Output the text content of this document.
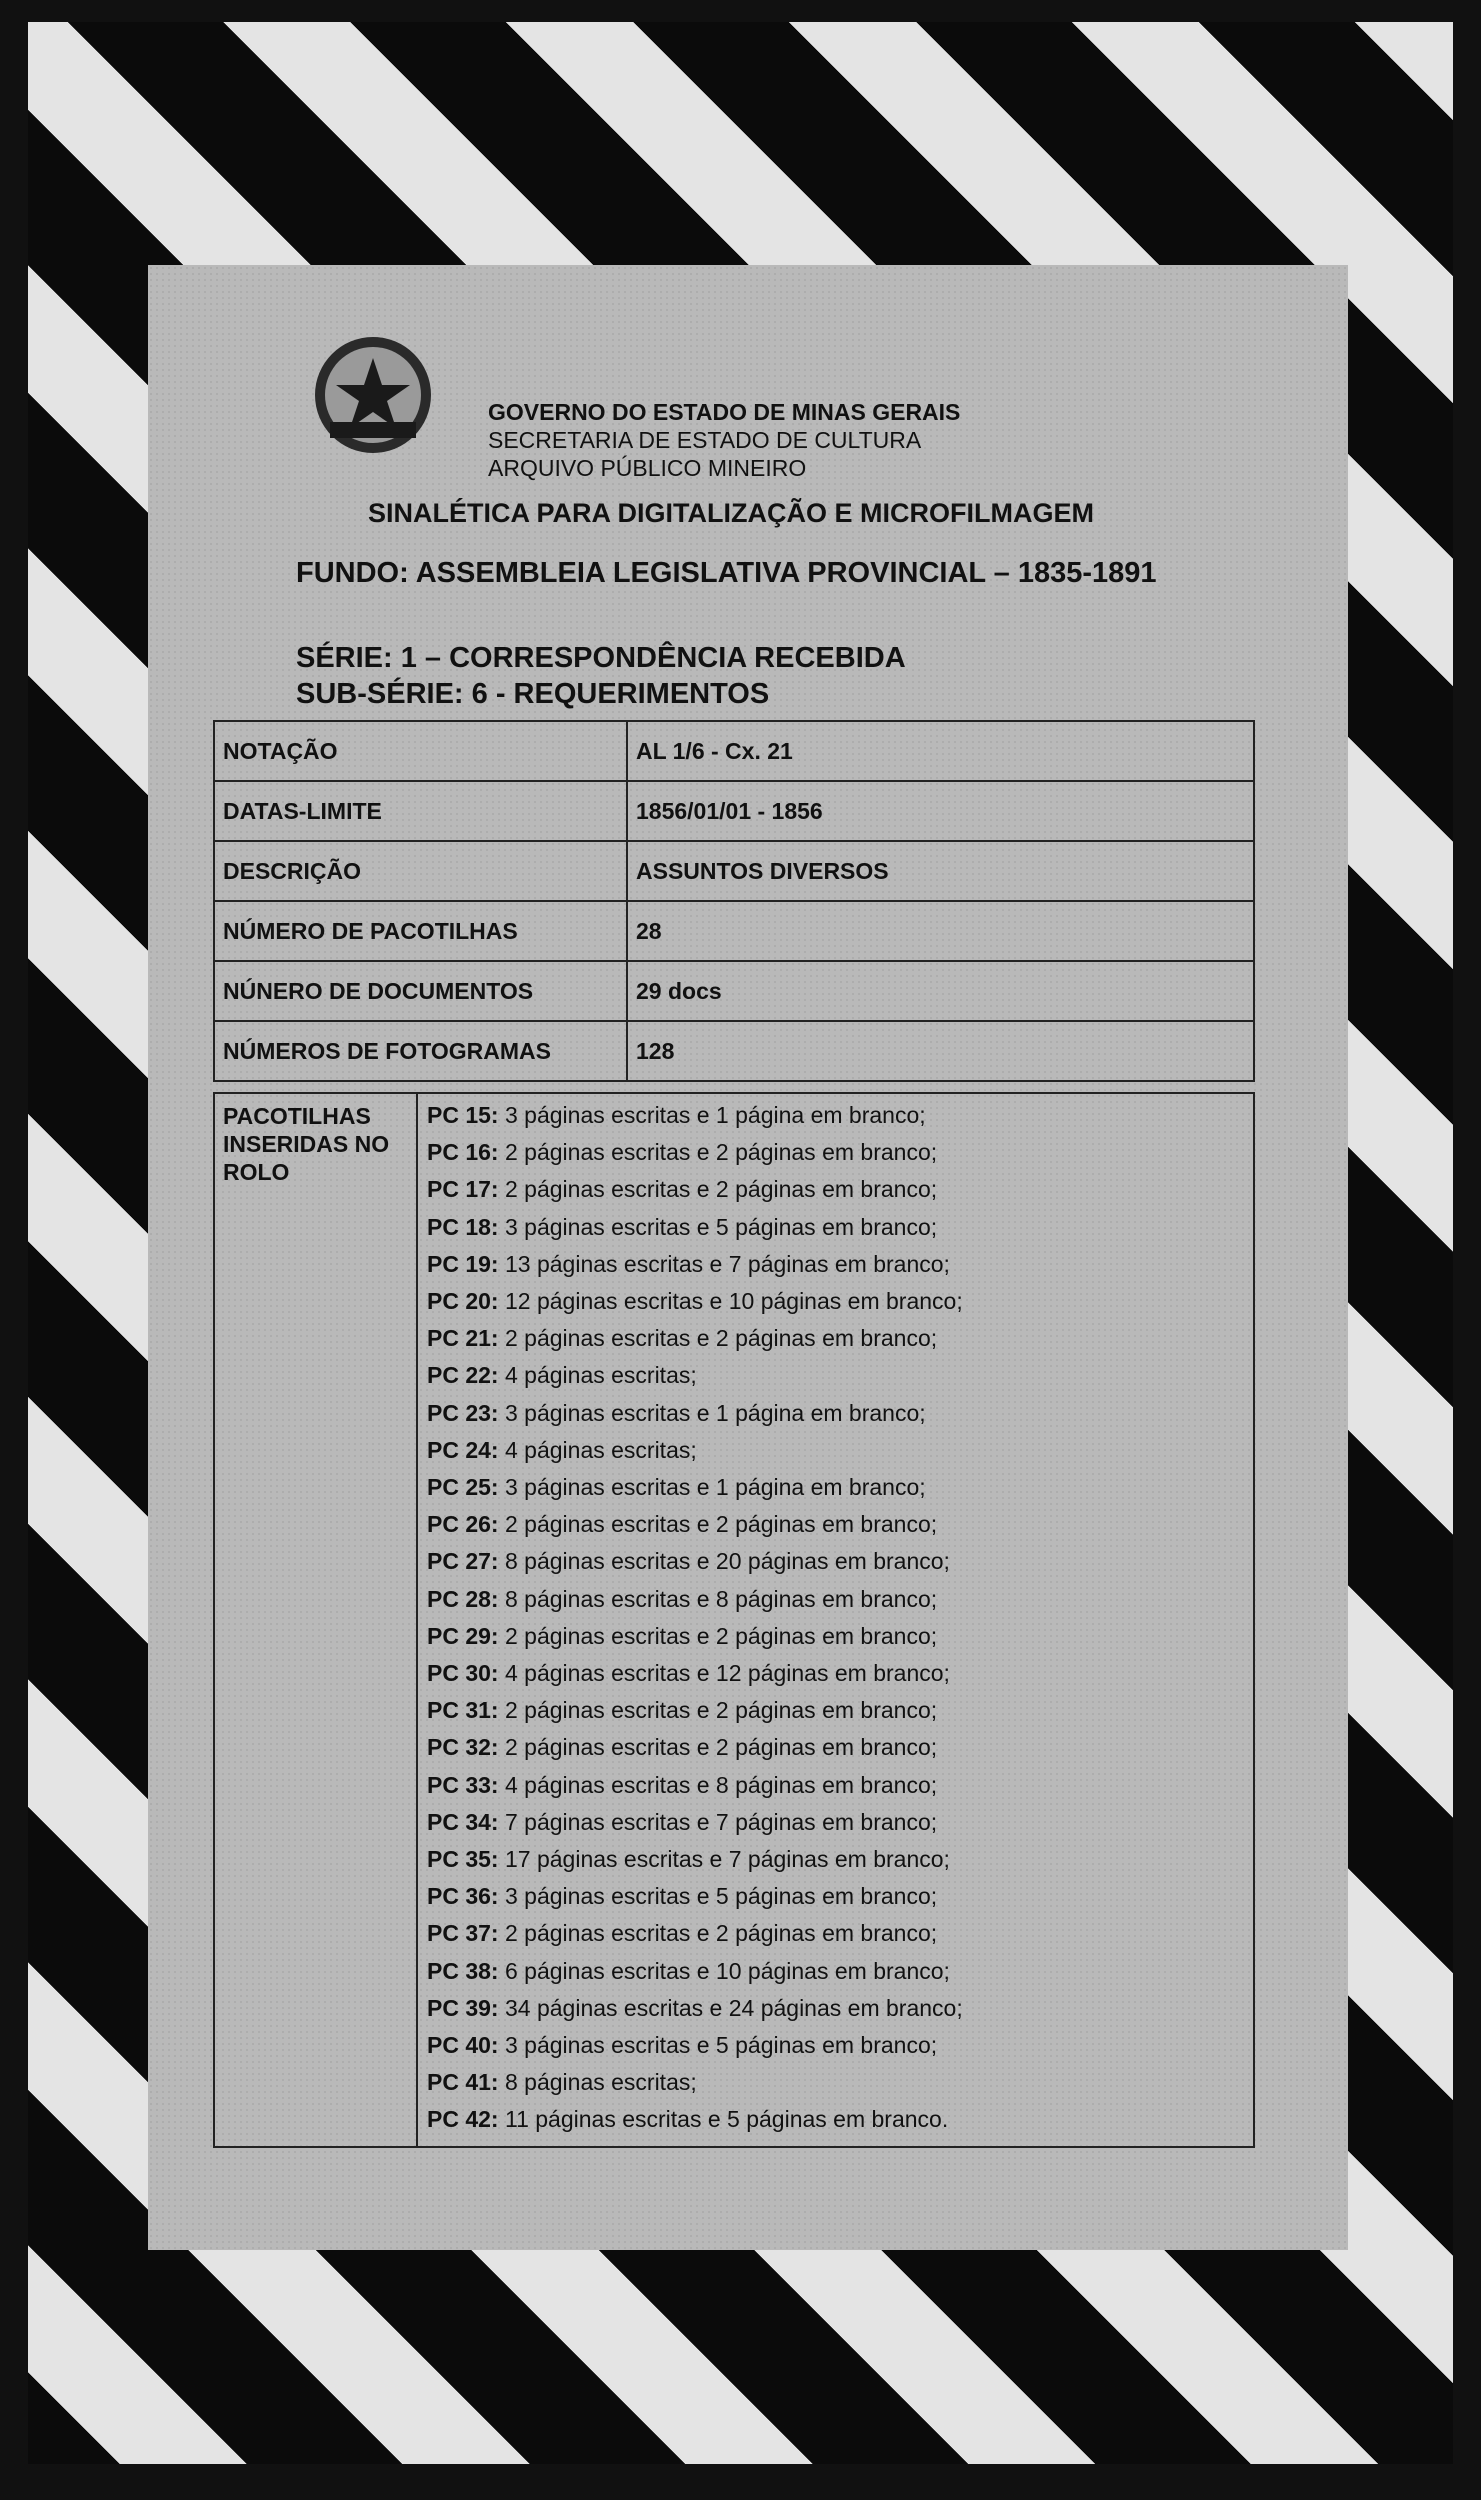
GOVERNO DO ESTADO DE MINAS GERAIS
SECRETARIA DE ESTADO DE CULTURA
ARQUIVO PÚBLICO MINEIRO
SINALÉTICA PARA DIGITALIZAÇÃO E MICROFILMAGEM
FUNDO: ASSEMBLEIA LEGISLATIVA PROVINCIAL – 1835-1891
SÉRIE: 1 – CORRESPONDÊNCIA RECEBIDA
SUB-SÉRIE: 6 - REQUERIMENTOS
NOTAÇÃO	AL 1/6 - Cx. 21
DATAS-LIMITE	1856/01/01 - 1856
DESCRIÇÃO	ASSUNTOS DIVERSOS
NÚMERO DE PACOTILHAS	28
NÚNERO DE DOCUMENTOS	29 docs
NÚMEROS DE FOTOGRAMAS	128
PACOTILHAS INSERIDAS NO ROLO	
PC 15: 3 páginas escritas e 1 página em branco;
PC 16: 2 páginas escritas e 2 páginas em branco;
PC 17: 2 páginas escritas e 2 páginas em branco;
PC 18: 3 páginas escritas e 5 páginas em branco;
PC 19: 13 páginas escritas e 7 páginas em branco;
PC 20: 12 páginas escritas e 10 páginas em branco;
PC 21: 2 páginas escritas e 2 páginas em branco;
PC 22: 4 páginas escritas;
PC 23: 3 páginas escritas e 1 página em branco;
PC 24: 4 páginas escritas;
PC 25: 3 páginas escritas e 1 página em branco;
PC 26: 2 páginas escritas e 2 páginas em branco;
PC 27: 8 páginas escritas e 20 páginas em branco;
PC 28: 8 páginas escritas e 8 páginas em branco;
PC 29: 2 páginas escritas e 2 páginas em branco;
PC 30: 4 páginas escritas e 12 páginas em branco;
PC 31: 2 páginas escritas e 2 páginas em branco;
PC 32: 2 páginas escritas e 2 páginas em branco;
PC 33: 4 páginas escritas e 8 páginas em branco;
PC 34: 7 páginas escritas e 7 páginas em branco;
PC 35: 17 páginas escritas e 7 páginas em branco;
PC 36: 3 páginas escritas e 5 páginas em branco;
PC 37: 2 páginas escritas e 2 páginas em branco;
PC 38: 6 páginas escritas e 10 páginas em branco;
PC 39: 34 páginas escritas e 24 páginas em branco;
PC 40: 3 páginas escritas e 5 páginas em branco;
PC 41: 8 páginas escritas;
PC 42: 11 páginas escritas e 5 páginas em branco.
